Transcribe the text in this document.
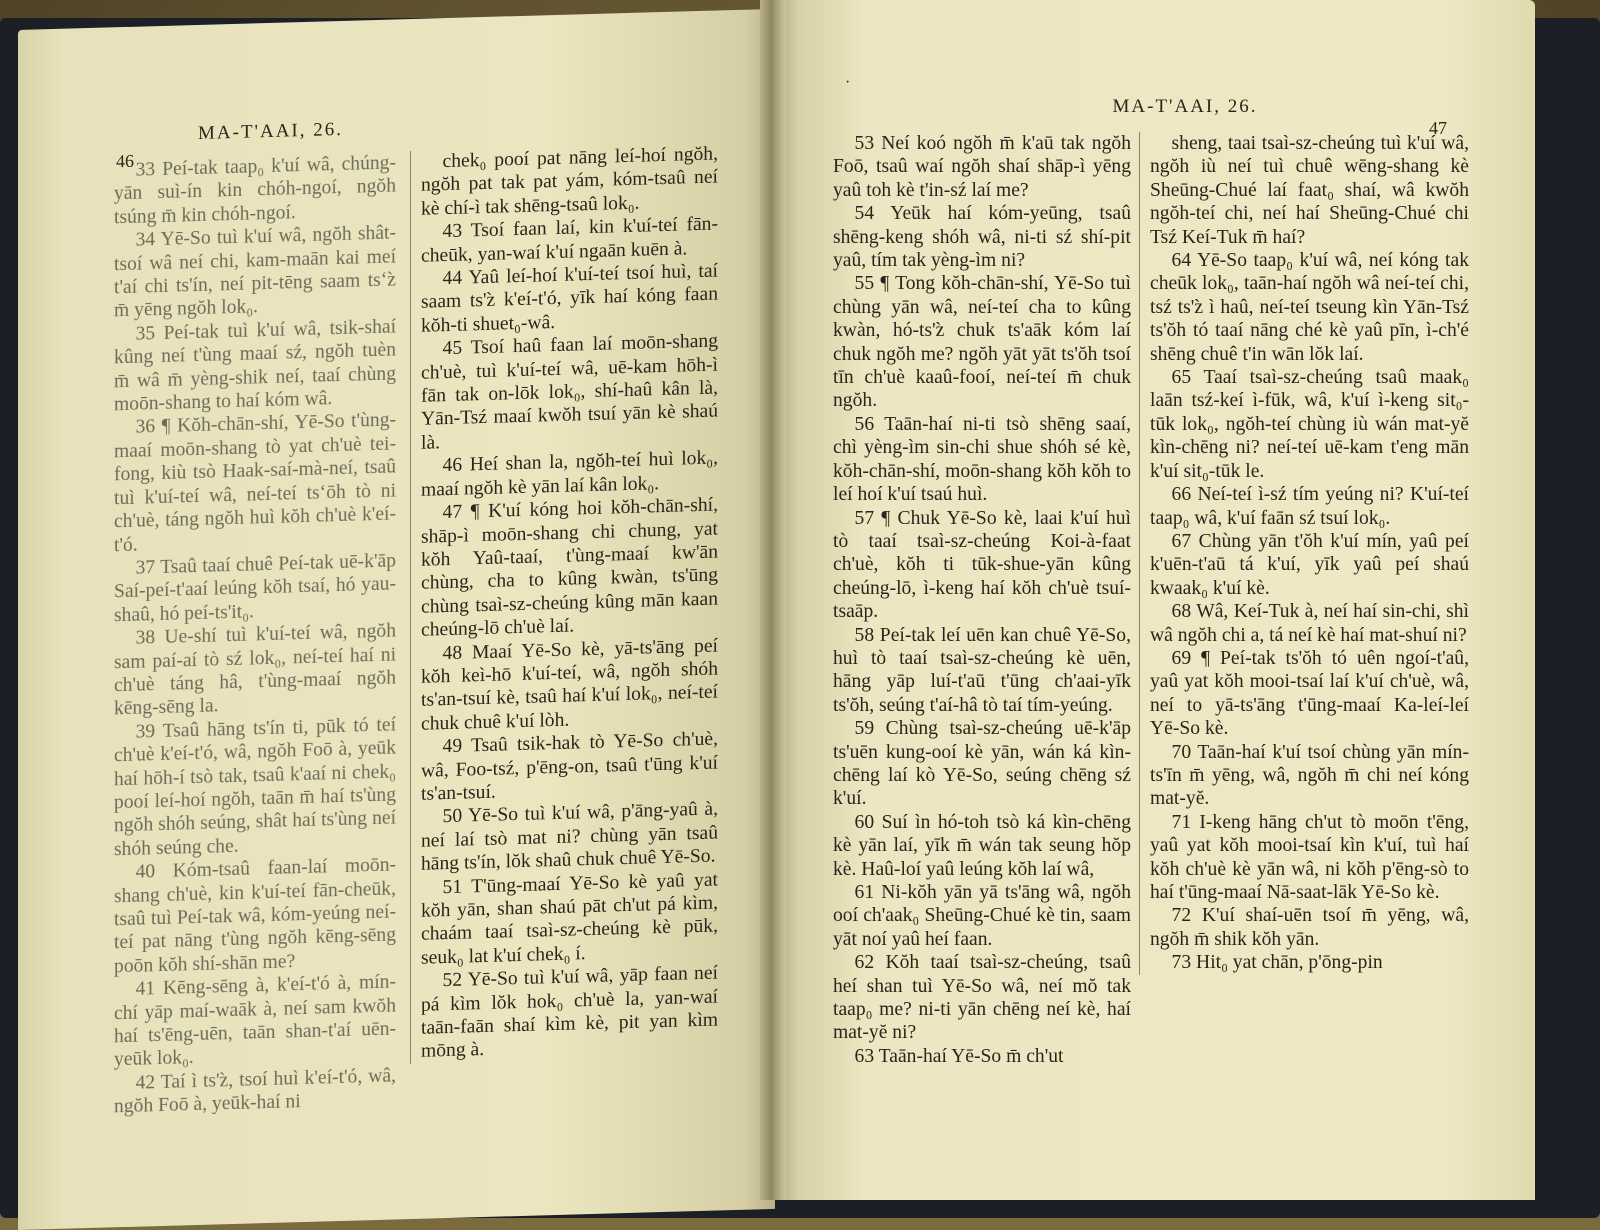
MA-T'AAI, 26.
46 33 Peí-tak taap₀ k'uí wâ, chúng-yān suì-ín kin chóh-ngoí, ngŏh tsúng m̄ kin chóh-ngoí.

34 Yē-So tuì k'uí wâ, ngŏh shât-tsoí wâ neí chi, kam-maān kai meí t'aí chi ts'ín, neí pit-tēng saam tsʻz̀ m̄ yēng ngŏh lok₀.

35 Peí-tak tuì k'uí wâ, tsik-shaí kûng neí t'ùng maaí sź, ngŏh tuèn m̄ wâ m̄ yèng-shik neí, taaí chùng moōn-shang to haí kóm wâ.

36 ¶ Kŏh-chān-shí, Yē-So t'ùng-maaí moōn-shang tò yat ch'uè tei-fong, kiù tsò Haak-saí-mà-neí, tsaû tuì k'uí-teí wâ, neí-teí tsʻōh tò ni ch'uè, táng ngŏh huì kŏh ch'uè k'eí-t'ó.

37 Tsaû taaí chuê Peí-tak uē-k'āp Saí-peí-t'aaí leúng kŏh tsaí, hó yau-shaû, hó peí-ts'it₀.

38 Ue-shí tuì k'uí-teí wâ, ngŏh sam paí-aí tò sź lok₀, neí-teí haí ni ch'uè táng hâ, t'ùng-maaí ngŏh kēng-sēng la.

39 Tsaû hāng ts'ín ti, pūk tó teí ch'uè k'eí-t'ó, wâ, ngŏh Foō à, yeūk haí hōh-í tsò tak, tsaû k'aaí ni chek₀ pooí leí-hoí ngŏh, taān m̄ haí ts'ùng ngŏh shóh seúng, shât haí ts'ùng neí shóh seúng che.

40 Kóm-tsaû faan-laí moōn-shang ch'uè, kin k'uí-teí fān-cheūk, tsaû tuì Peí-tak wâ, kóm-yeúng neí-teí pat nāng t'ùng ngŏh kēng-sēng poōn kŏh shí-shān me?

41 Kēng-sēng à, k'eí-t'ó à, mín-chí yāp maí-waāk à, neí sam kwŏh haí ts'ēng-uēn, taān shan-t'aí uēn-yeūk lok₀.

42 Taí ì ts'z̀, tsoí huì k'eí-t'ó, wâ, ngŏh Foō à, yeūk-haí ni

chek₀ pooí pat nāng leí-hoí ngŏh, ngŏh pat tak pat yám, kóm-tsaû neí kè chí-ì tak shēng-tsaû lok₀.

43 Tsoí faan laí, kin k'uí-teí fān-cheūk, yan-waí k'uí ngaān kuēn à.

44 Yaû leí-hoí k'uí-teí tsoí huì, taí saam ts'z̀ k'eí-t'ó, yīk haí kóng faan kŏh-ti shuet₀-wâ.

45 Tsoí haû faan laí moōn-shang ch'uè, tuì k'uí-teí wâ, uē-kam hōh-ì fān tak on-lōk lok₀, shí-haû kân là, Yān-Tsź maaí kwŏh tsuí yān kè shaú là.

46 Heí shan la, ngŏh-teí huì lok₀, maaí ngŏh kè yān laí kân lok₀.

47 ¶ K'uí kóng hoi kŏh-chān-shí, shāp-ì moōn-shang chi chung, yat kŏh Yaû-taaí, t'ùng-maaí kw'ān chùng, cha to kûng kwàn, ts'ūng chùng tsaì-sz-cheúng kûng mān kaan cheúng-lō ch'uè laí.

48 Maaí Yē-So kè, yā-ts'āng peí kŏh keì-hō k'uí-teí, wâ, ngŏh shóh ts'an-tsuí kè, tsaû haí k'uí lok₀, neí-teí chuk chuê k'uí lòh.

49 Tsaû tsik-hak tò Yē-So ch'uè, wâ, Foo-tsź, p'ēng-on, tsaû t'ūng k'uí ts'an-tsuí.

50 Yē-So tuì k'uí wâ, p'āng-yaû à, neí laí tsò mat ni? chùng yān tsaû hāng ts'ín, lŏk shaû chuk chuê Yē-So.

51 T'ūng-maaí Yē-So kè yaû yat kŏh yān, shan shaú pāt ch'ut pá kìm, chaám taaí tsaì-sz-cheúng kè pūk, seuk₀ lat k'uí chek₀ í.

52 Yē-So tuì k'uí wâ, yāp faan neí pá kìm lŏk hok₀ ch'uè la, yan-waí taān-faān shaí kìm kè, pit yan kìm mōng à.

·
MA-T'AAI, 26.
47

53 Neí koó ngŏh m̄ k'aū tak ngŏh Foō, tsaû waí ngŏh shaí shāp-ì yēng yaû toh kè t'in-sź laí me?

54 Yeūk haí kóm-yeūng, tsaû shēng-keng shóh wâ, ni-ti sź shí-pit yaû, tím tak yèng-ìm ni?

55 ¶ Tong kŏh-chān-shí, Yē-So tuì chùng yān wâ, neí-teí cha to kûng kwàn, hó-ts'z̀ chuk ts'aāk kóm laí chuk ngŏh me? ngŏh yāt yāt ts'ŏh tsoí tīn ch'uè kaaû-fooí, neí-teí m̄ chuk ngŏh.

56 Taān-haí ni-ti tsò shēng saaí, chì yèng-ìm sin-chi shue shóh sé kè, kŏh-chān-shí, moōn-shang kŏh kŏh to leí hoí k'uí tsaú huì.

57 ¶ Chuk Yē-So kè, laai k'uí huì tò taaí tsaì-sz-cheúng Koi-à-faat ch'uè, kŏh ti tūk-shue-yān kûng cheúng-lō, ì-keng haí kŏh ch'uè tsuí-tsaāp.

58 Peí-tak leí uēn kan chuê Yē-So, huì tò taaí tsaì-sz-cheúng kè uēn, hāng yāp luí-t'aū t'ūng ch'aai-yīk ts'ŏh, seúng t'aí-hâ tò taí tím-yeúng.

59 Chùng tsaì-sz-cheúng uē-k'āp ts'uēn kung-ooí kè yān, wán ká kìn-chēng laí kò Yē-So, seúng chēng sź k'uí.

60 Suí ìn hó-toh tsò ká kìn-chēng kè yān laí, yīk m̄ wán tak seung hŏp kè. Haû-loí yaû leúng kŏh laí wâ,

61 Ni-kŏh yān yā ts'āng wâ, ngŏh ooí ch'aak₀ Sheūng-Chué kè tin, saam yāt noí yaû heí faan.

62 Kŏh taaí tsaì-sz-cheúng, tsaû heí shan tuì Yē-So wâ, neí mŏ tak taap₀ me? ni-ti yān chēng neí kè, haí mat-yĕ ni?

63 Taān-haí Yē-So m̄ ch'ut

sheng, taai tsaì-sz-cheúng tuì k'uí wâ, ngŏh iù neí tuì chuê wēng-shang kè Sheūng-Chué laí faat₀ shaí, wâ kwŏh ngŏh-teí chi, neí haí Sheūng-Chué chi Tsź Keí-Tuk m̄ haí?

64 Yē-So taap₀ k'uí wâ, neí kóng tak cheūk lok₀, taān-haí ngŏh wâ neí-teí chi, tsź ts'z̀ ì haû, neí-teí tseung kìn Yān-Tsź ts'ŏh tó taaí nāng ché kè yaû pīn, ì-ch'é shēng chuê t'in wān lŏk laí.

65 Taaí tsaì-sz-cheúng tsaû maak₀ laān tsź-keí ì-fūk, wâ, k'uí ì-keng sit₀-tūk lok₀, ngŏh-teí chùng iù wán mat-yĕ kìn-chēng ni? neí-teí uē-kam t'eng mān k'uí sit₀-tūk le.

66 Neí-teí ì-sź tím yeúng ni? K'uí-teí taap₀ wâ, k'uí faān sź tsuí lok₀.

67 Chùng yān t'ŏh k'uí mín, yaû peí k'uēn-t'aū tá k'uí, yīk yaû peí shaú kwaak₀ k'uí kè.

68 Wâ, Keí-Tuk à, neí haí sin-chi, shì wâ ngŏh chi a, tá neí kè haí mat-shuí ni?

69 ¶ Peí-tak ts'ŏh tó uên ngoí-t'aû, yaû yat kŏh mooi-tsaí laí k'uí ch'uè, wâ, neí to yā-ts'āng t'ūng-maaí Ka-leí-leí Yē-So kè.

70 Taān-haí k'uí tsoí chùng yān mín-ts'īn m̄ yēng, wâ, ngŏh m̄ chi neí kóng mat-yĕ.

71 I-keng hāng ch'ut tò moōn t'ēng, yaû yat kŏh mooi-tsaí kìn k'uí, tuì haí kŏh ch'uè kè yān wâ, ni kŏh p'ēng-sò to haí t'ūng-maaí Nā-saat-lāk Yē-So kè.

72 K'uí shaí-uēn tsoí m̄ yēng, wâ, ngŏh m̄ shik kŏh yān.

73 Hit₀ yat chān, p'ōng-pin
